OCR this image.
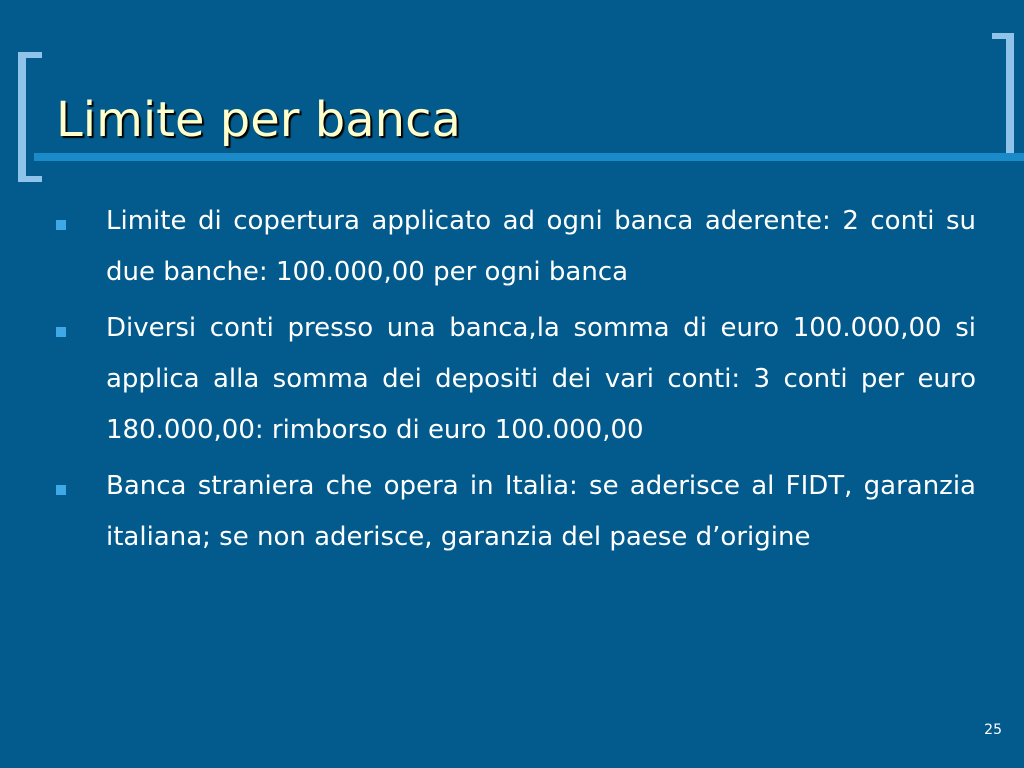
Limite per banca
Limite di copertura applicato ad ogni banca aderente: 2 conti su due banche: 100.000,00 per ogni banca
Diversi conti presso una banca,la somma di euro 100.000,00 si applica alla somma dei depositi dei vari conti: 3 conti per euro 180.000,00: rimborso di euro 100.000,00
Banca straniera che opera in Italia: se aderisce al FIDT, garanzia italiana; se non aderisce, garanzia del paese d’origine
25
